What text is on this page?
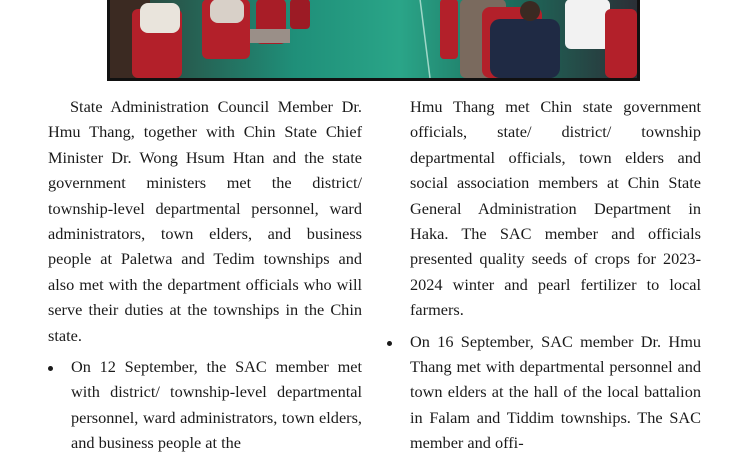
State Administration Council Member Dr. Hmu Thang, together with Chin State Chief Minister Dr. Wong Hsum Htan and the state government ministers met the district/ township-level departmental personnel, ward administrators, town elders, and business people at Paletwa and Tedim townships and also met with the department officials who will serve their duties at the townships in the Chin state.

On 12 September, the SAC member met with district/ township-level departmental personnel, ward administrators, town elders, and business people at the

Hmu Thang met Chin state government officials, state/ district/ township departmental officials, town elders and social association members at Chin State General Administration Department in Haka. The SAC member and officials presented quality seeds of crops for 2023-2024 winter and pearl fertilizer to local farmers.

On 16 September, SAC member Dr. Hmu Thang met with departmental personnel and town elders at the hall of the local battalion in Falam and Tiddim townships. The SAC member and offi-
